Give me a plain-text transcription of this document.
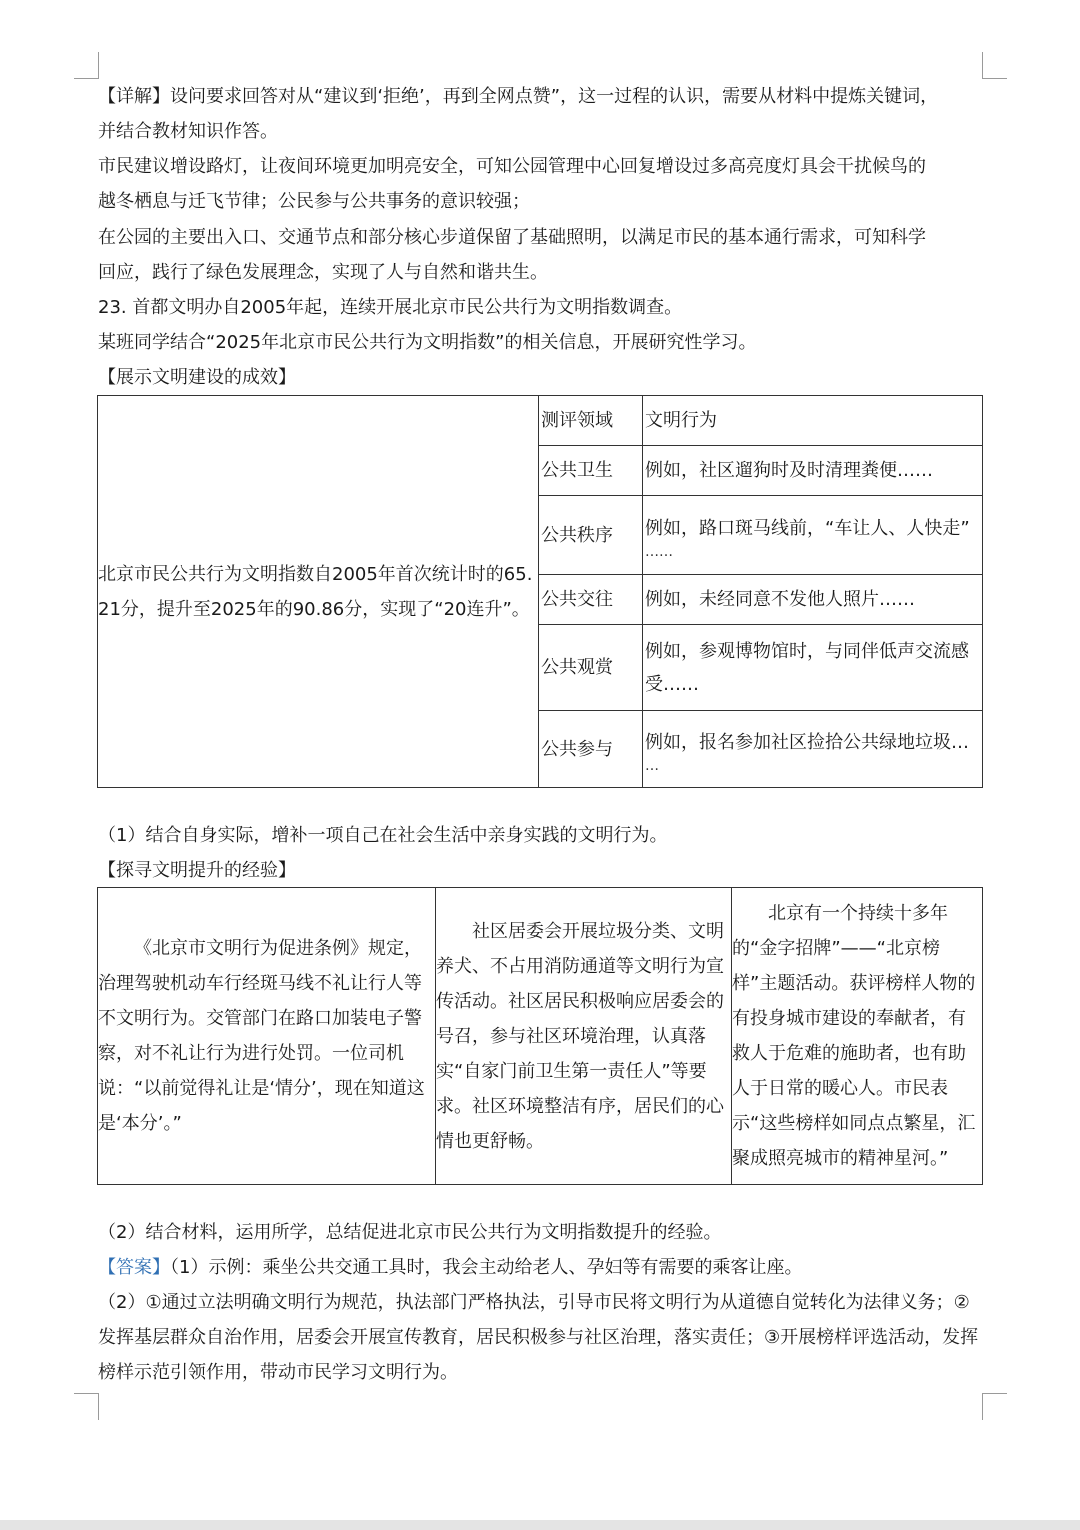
【详解】设问要求回答对从“建议到‘拒绝’，再到全网点赞”，这一过程的认识，需要从材料中提炼关键词，
并结合教材知识作答。
市民建议增设路灯，让夜间环境更加明亮安全，可知公园管理中心回复增设过多高亮度灯具会干扰候鸟的
越冬栖息与迁飞节律；公民参与公共事务的意识较强；
在公园的主要出入口、交通节点和部分核心步道保留了基础照明，以满足市民的基本通行需求，可知科学
回应，践行了绿色发展理念，实现了人与自然和谐共生。
23. 首都文明办自2005年起，连续开展北京市民公共行为文明指数调查。
某班同学结合“2025年北京市民公共行为文明指数”的相关信息，开展研究性学习。
【展示文明建设的成效】
北京市民公共行为文明指数自2005年首次统计时的65.21分，提升至2025年的90.86分，实现了“20连升”。	测评领域	文明行为
	公共卫生	例如，社区遛狗时及时清理粪便……
	公共秩序	例如，路口斑马线前，“车让人、人快走”
……

	公共交往	例如，未经同意不发他人照片……
	公共观赏	例如，参观博物馆时，与同伴低声交流感受……
	公共参与	例如，报名参加社区捡拾公共绿地垃圾…
…
（1）结合自身实际，增补一项自己在社会生活中亲身实践的文明行为。
【探寻文明提升的经验】
《北京市文明行为促进条例》规定，治理驾驶机动车行经斑马线不礼让行人等不文明行为。交管部门在路口加装电子警察，对不礼让行为进行处罚。一位司机说：“以前觉得礼让是‘情分’，现在知道这是‘本分’。”

社区居委会开展垃圾分类、文明养犬、不占用消防通道等文明行为宣传活动。社区居民积极响应居委会的号召，参与社区环境治理，认真落实“自家门前卫生第一责任人”等要求。社区环境整洁有序，居民们的心情也更舒畅。

北京有一个持续十多年的“金字招牌”——“北京榜样”主题活动。获评榜样人物的有投身城市建设的奉献者，有救人于危难的施助者，也有助人于日常的暖心人。市民表示“这些榜样如同点点繁星，汇聚成照亮城市的精神星河。”
（2）结合材料，运用所学，总结促进北京市民公共行为文明指数提升的经验。
【答案】（1）示例：乘坐公共交通工具时，我会主动给老人、孕妇等有需要的乘客让座。
（2）①通过立法明确文明行为规范，执法部门严格执法，引导市民将文明行为从道德自觉转化为法律义务；②发挥基层群众自治作用，居委会开展宣传教育，居民积极参与社区治理，落实责任；③开展榜样评选活动，发挥榜样示范引领作用，带动市民学习文明行为。
